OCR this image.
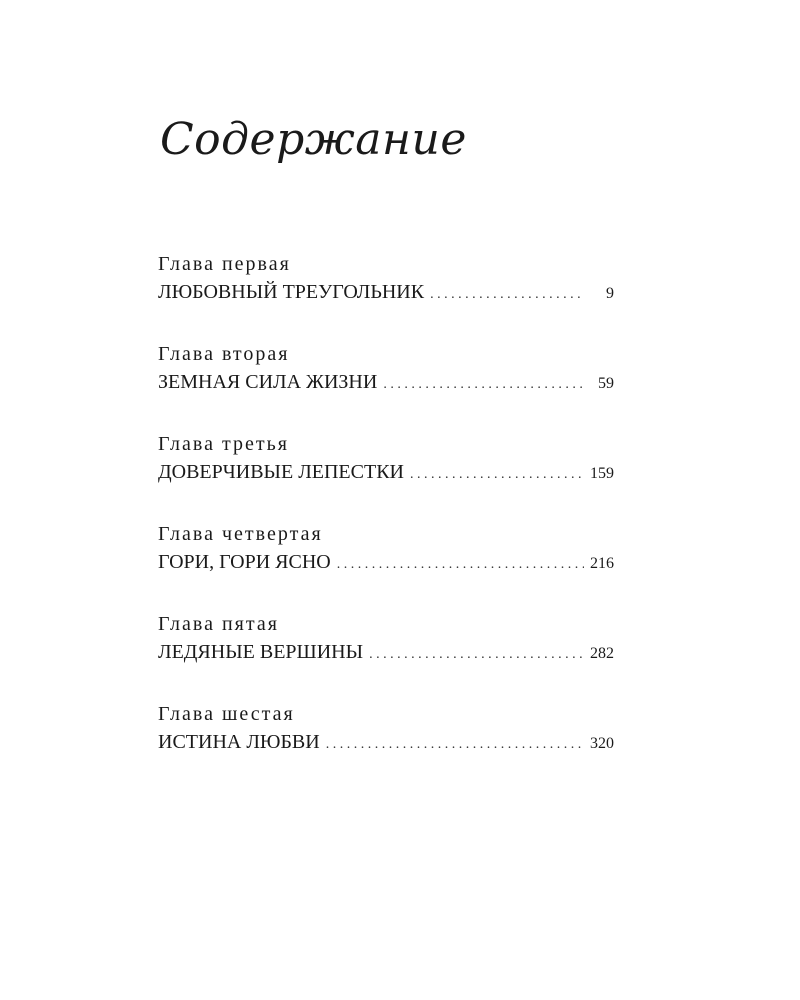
Содержание
Глава первая
ЛЮБОВНЫЙ ТРЕУГОЛЬНИК . . .	9
Глава вторая
ЗЕМНАЯ СИЛА ЖИЗНИ . . .	59
Глава третья
ДОВЕРЧИВЫЕ ЛЕПЕСТКИ . . .	159
Глава четвертая
ГОРИ, ГОРИ ЯСНО . . .	216
Глава пятая
ЛЕДЯНЫЕ ВЕРШИНЫ . . .	282
Глава шестая
ИСТИНА ЛЮБВИ . . .	320
